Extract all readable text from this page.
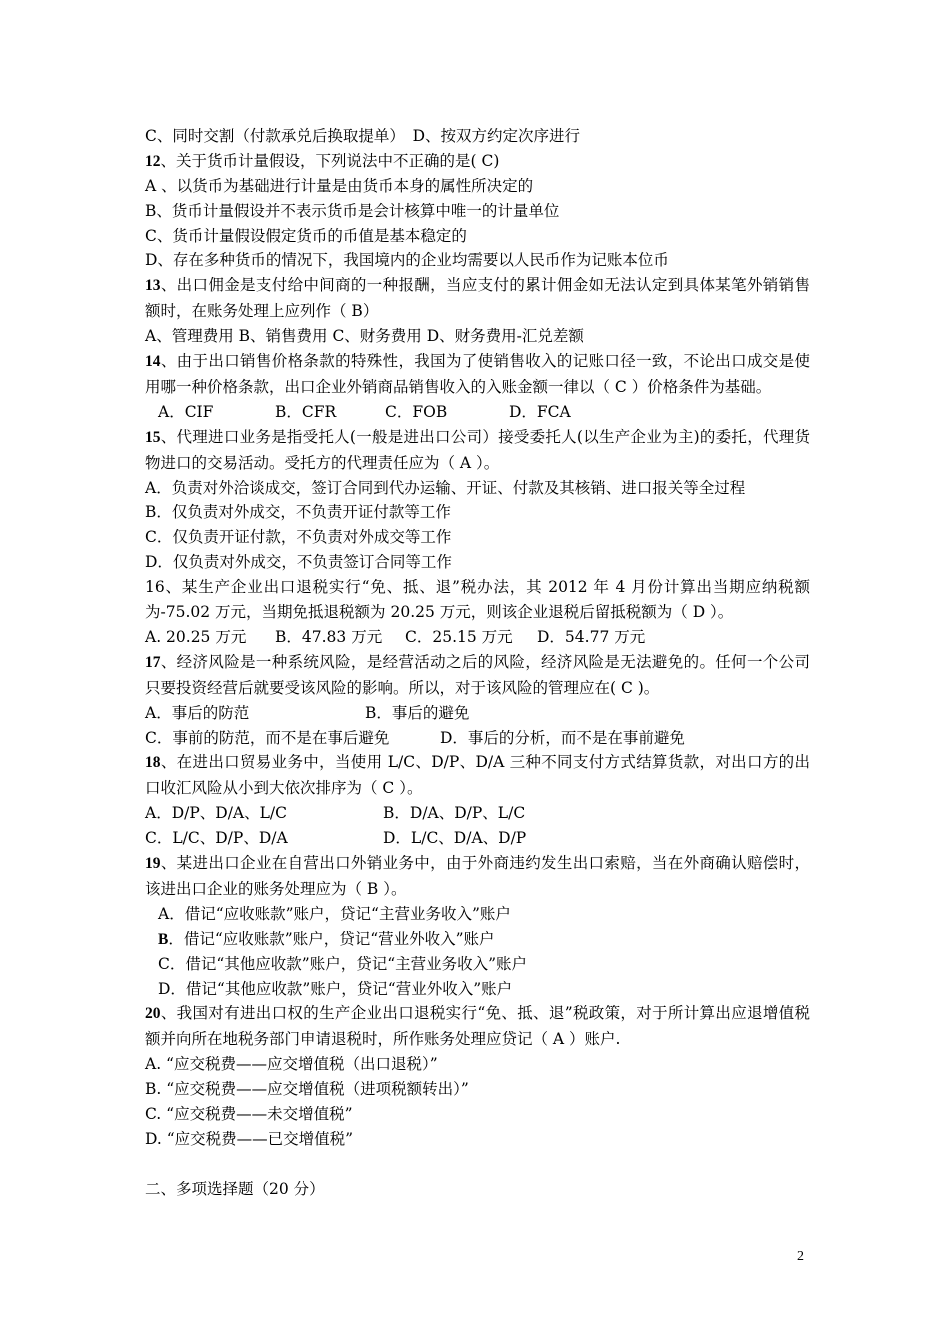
C、同时交割（付款承兑后换取提单）　D、按双方约定次序进行
12、关于货币计量假设，下列说法中不正确的是( C)
A 、以货币为基础进行计量是由货币本身的属性所决定的
B、货币计量假设并不表示货币是会计核算中唯一的计量单位
C、货币计量假设假定货币的币值是基本稳定的
D、存在多种货币的情况下，我国境内的企业均需要以人民币作为记账本位币
13、出口佣金是支付给中间商的一种报酬，当应支付的累计佣金如无法认定到具体某笔外销销售额时，在账务处理上应列作（ B）
A、管理费用 B、销售费用 C、财务费用 D、财务费用-汇兑差额
14、由于出口销售价格条款的特殊性，我国为了使销售收入的记账口径一致，不论出口成交是使用哪一种价格条款，出口企业外销商品销售收入的入账金额一律以（ C ）价格条件为基础。
A．CIF	B．CFR	C．FOB	D．FCA
15、代理进口业务是指受托人(一般是进出口公司）接受委托人(以生产企业为主)的委托，代理货物进口的交易活动。受托方的代理责任应为（ A ）。
A．负责对外洽谈成交，签订合同到代办运输、开证、付款及其核销、进口报关等全过程
B．仅负责对外成交，不负责开证付款等工作
C．仅负责开证付款，不负责对外成交等工作
D．仅负责对外成交，不负责签订合同等工作
16、某生产企业出口退税实行“免、抵、退”税办法，其 2012 年 4 月份计算出当期应纳税额为-75.02 万元，当期免抵退税额为 20.25 万元，则该企业退税后留抵税额为（ D ）。
A. 20.25 万元 B．47.83 万元 C．25.15 万元 D．54.77 万元
17、经济风险是一种系统风险，是经营活动之后的风险，经济风险是无法避免的。任何一个公司只要投资经营后就要受该风险的影响。所以，对于该风险的管理应在( C )。
A．事后的防范	B．事后的避免
C．事前的防范，而不是在事后避免	D．事后的分析，而不是在事前避免
18、在进出口贸易业务中，当使用 L/C、D/P、D/A 三种不同支付方式结算货款，对出口方的出口收汇风险从小到大依次排序为（ C ）。
A．D/P、D/A、L/C	B．D/A、D/P、L/C
C．L/C、D/P、D/A	D．L/C、D/A、D/P
19、某进出口企业在自营出口外销业务中，由于外商违约发生出口索赔，当在外商确认赔偿时，该进出口企业的账务处理应为（ B ）。
A．借记“应收账款”账户，贷记“主营业务收入”账户
B．借记“应收账款”账户，贷记“营业外收入”账户
C．借记“其他应收款”账户，贷记“主营业务收入”账户
D．借记“其他应收款”账户，贷记“营业外收入”账户
20、我国对有进出口权的生产企业出口退税实行“免、抵、退”税政策，对于所计算出应退增值税额并向所在地税务部门申请退税时，所作账务处理应贷记（ A ）账户.
A. “应交税费——应交增值税（出口退税）”
B. “应交税费——应交增值税（进项税额转出）”
C. “应交税费——未交增值税”
D. “应交税费——已交增值税”
二、多项选择题（20 分）
2
